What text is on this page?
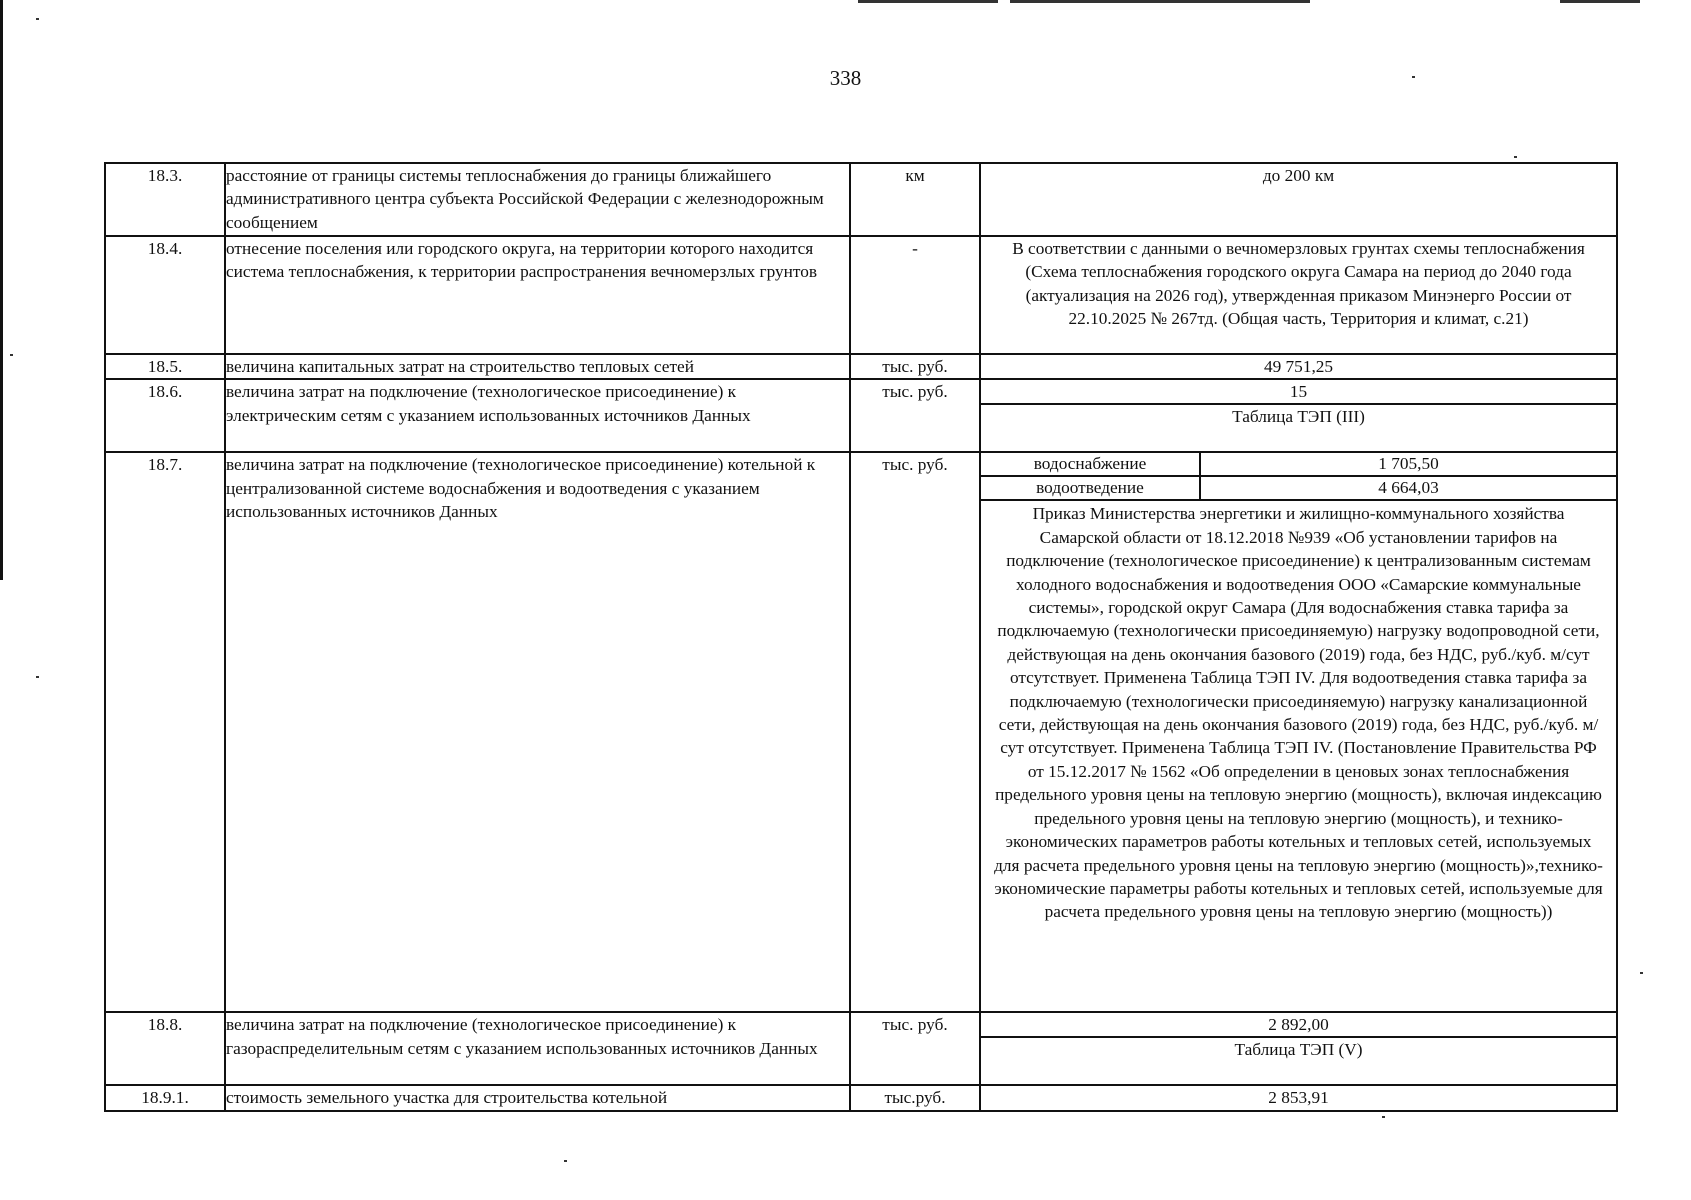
338
18.3.	расстояние от границы системы теплоснабжения до границы ближайшего административного центра субъекта Российской Федерации с железнодорожным сообщением	км	до 200 км
18.4.	отнесение поселения или городского округа, на территории которого находится система теплоснабжения, к территории распространения вечномерзлых грунтов	-	В соответствии с данными о вечномерзловых грунтах схемы теплоснабжения (Схема теплоснабжения городского округа Самара на период до 2040 года (актуализация на 2026 год), утвержденная приказом Минэнерго России от 22.10.2025 № 267тд. (Общая часть, Территория и климат, с.21)
18.5.	величина капитальных затрат на строительство тепловых сетей	тыс. руб.	49 751,25
18.6.	величина затрат на подключение (технологическое присоединение) к электрическим сетям с указанием использованных источников Данных	тыс. руб.	15
Таблица ТЭП (III)

18.7.	величина затрат на подключение (технологическое присоединение) котельной к централизованной системе водоснабжения и водоотведения с указанием использованных источников Данных	тыс. руб.		водоснабжение	1 705,50
водоотведение	4 664,03
Приказ Министерства энергетики и жилищно-коммунального хозяйства Самарской области от 18.12.2018 №939 «Об установлении тарифов на подключение (технологическое присоединение) к централизованным системам холодного водоснабжения и водоотведения ООО «Самарские коммунальные системы», городской округ Самара (Для водоснабжения ставка тарифа за подключаемую (технологически присоединяемую) нагрузку водопроводной сети, действующая на день окончания базового (2019) года, без НДС, руб./куб. м/сут отсутствует. Применена Таблица ТЭП IV. Для водоотведения ставка тарифа за подключаемую (технологически присоединяемую) нагрузку канализационной сети, действующая на день окончания базового (2019) года, без НДС, руб./куб. м/сут отсутствует. Применена Таблица ТЭП IV. (Постановление Правительства РФ от 15.12.2017 № 1562 «Об определении в ценовых зонах теплоснабжения предельного уровня цены на тепловую энергию (мощность), включая индексацию предельного уровня цены на тепловую энергию (мощность), и технико-экономических параметров работы котельных и тепловых сетей, используемых для расчета предельного уровня цены на тепловую энергию (мощность)»,технико-экономические параметры работы котельных и тепловых сетей, используемые для расчета предельного уровня цены на тепловую энергию (мощность))

18.8.	величина затрат на подключение (технологическое присоединение) к газораспределительным сетям с указанием использованных источников Данных	тыс. руб.	2 892,00
Таблица ТЭП (V)

18.9.1.	стоимость земельного участка для строительства котельной	тыс.руб.	2 853,91
